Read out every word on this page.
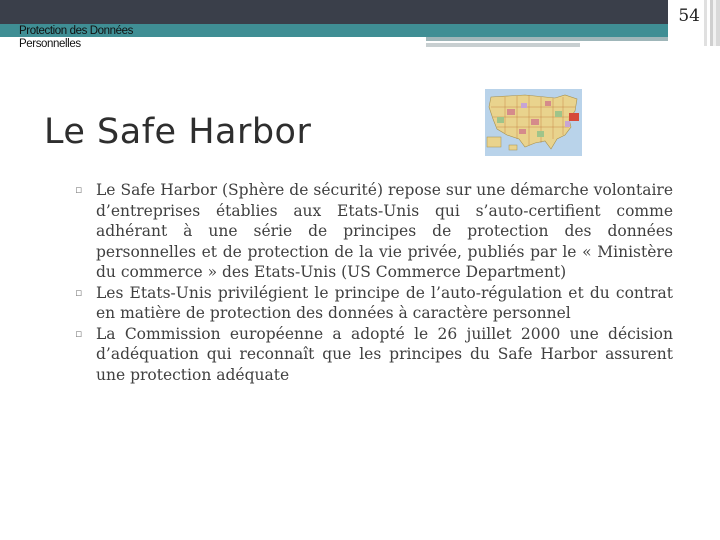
54
Protection des Données
Personnelles
Le Safe Harbor
▫ Le Safe Harbor (Sphère de sécurité) repose sur une démarche volontaire d’entreprises établies aux Etats-Unis qui s’auto-certifient comme adhérant à une série de principes de protection des données personnelles et de protection de la vie privée, publiés par le « Ministère du commerce » des Etats-Unis (US Commerce Department)
▫ Les Etats-Unis privilégient le principe de l’auto-régulation et du contrat en matière de protection des données à caractère personnel
▫ La Commission européenne a adopté le 26 juillet 2000 une décision d’adéquation qui reconnaît que les principes du Safe Harbor assurent une protection adéquate
